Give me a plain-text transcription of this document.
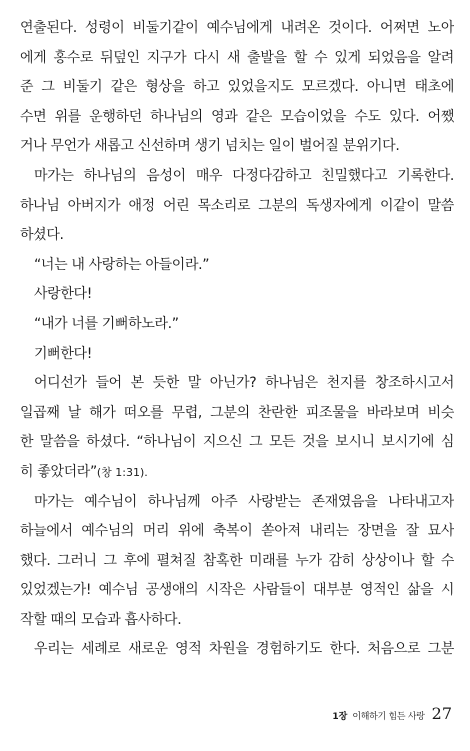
연출된다. 성령이 비둘기같이 예수님에게 내려온 것이다. 어쩌면 노아
에게 홍수로 뒤덮인 지구가 다시 새 출발을 할 수 있게 되었음을 알려
준 그 비둘기 같은 형상을 하고 있었을지도 모르겠다. 아니면 태초에
수면 위를 운행하던 하나님의 영과 같은 모습이었을 수도 있다. 어쨌
거나 무언가 새롭고 신선하며 생기 넘치는 일이 벌어질 분위기다.
마가는 하나님의 음성이 매우 다정다감하고 친밀했다고 기록한다.
하나님 아버지가 애정 어린 목소리로 그분의 독생자에게 이같이 말씀
하셨다.
“너는 내 사랑하는 아들이라.”
사랑한다!
“내가 너를 기뻐하노라.”
기뻐한다!
어디선가 들어 본 듯한 말 아닌가? 하나님은 천지를 창조하시고서
일곱째 날 해가 떠오를 무렵, 그분의 찬란한 피조물을 바라보며 비슷
한 말씀을 하셨다. “하나님이 지으신 그 모든 것을 보시니 보시기에 심
히 좋았더라”(창 1:31).
마가는 예수님이 하나님께 아주 사랑받는 존재였음을 나타내고자
하늘에서 예수님의 머리 위에 축복이 쏟아져 내리는 장면을 잘 묘사
했다. 그러니 그 후에 펼쳐질 참혹한 미래를 누가 감히 상상이나 할 수
있었겠는가! 예수님 공생애의 시작은 사람들이 대부분 영적인 삶을 시
작할 때의 모습과 흡사하다.
우리는 세례로 새로운 영적 차원을 경험하기도 한다. 처음으로 그분
1장 이해하기 힘든 사랑 27
